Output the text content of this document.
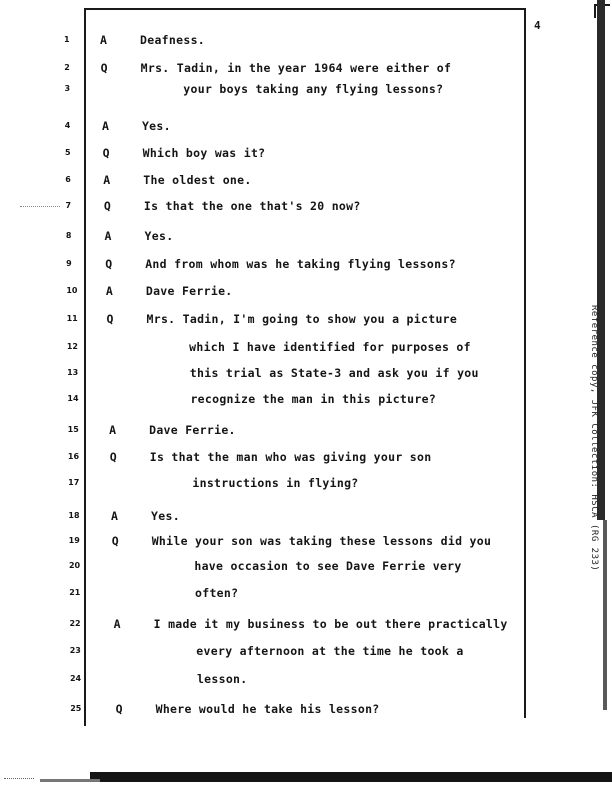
4
Reference copy, JFK Collection: HSCA (RG 233)
1	A	Deafness.
2	Q	Mrs. Tadin, in the year 1964 were either of
3	your boys taking any flying lessons?
4	A	Yes.
5	Q	Which boy was it?
6	A	The oldest one.
7	Q	Is that the one that's 20 now?
8	A	Yes.
9	Q	And from whom was he taking flying lessons?
10	A	Dave Ferrie.
11	Q	Mrs. Tadin, I'm going to show you a picture
12	which I have identified for purposes of
13	this trial as State-3 and ask you if you
14	recognize the man in this picture?
15	A	Dave Ferrie.
16	Q	Is that the man who was giving your son
17	instructions in flying?
18	A	Yes.
19	Q	While your son was taking these lessons did you
20	have occasion to see Dave Ferrie very
21	often?
22	A	I made it my business to be out there practically
23	every afternoon at the time he took a
24	lesson.
25	Q	Where would he take his lesson?
